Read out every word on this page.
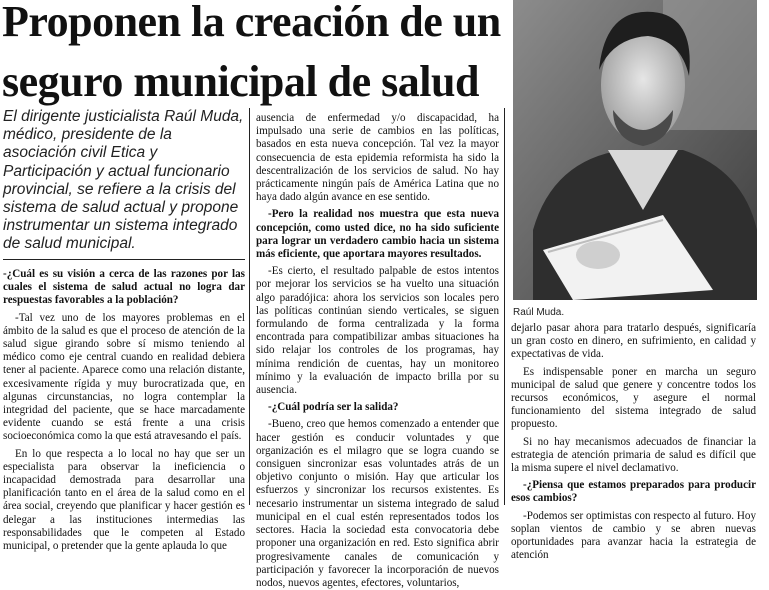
Proponen la creación de un
seguro municipal de salud

El dirigente justicialista Raúl Muda, médico, presidente de la asociación civil Etica y Participación y actual funcionario provincial, se refiere a la crisis del sistema de salud actual y propone instrumentar un sistema integrado de salud municipal.

-¿Cuál es su visión a cerca de las razones por las cuales el sistema de salud actual no logra dar respuestas favorables a la población?

-Tal vez uno de los mayores problemas en el ámbito de la salud es que el proceso de atención de la salud sigue girando sobre sí mismo teniendo al médico como eje central cuando en realidad debiera tener al paciente. Aparece como una relación distante, excesivamente rígida y muy burocratizada que, en algunas circunstancias, no logra contemplar la integridad del paciente, que se hace marcadamente evidente cuando se está frente a una crisis socioeconómica como la que está atravesando el país.

En lo que respecta a lo local no hay que ser un especialista para observar la ineficiencia o incapacidad demostrada para desarrollar una planificación tanto en el área de la salud como en el área social, creyendo que planificar y hacer gestión es delegar a las instituciones intermedias las responsabilidades que le competen al Estado municipal, o pretender que la gente aplauda lo que

ausencia de enfermedad y/o discapacidad, ha impulsado una serie de cambios en las políticas, basados en esta nueva concepción. Tal vez la mayor consecuencia de esta epidemia reformista ha sido la descentralización de los servicios de salud. No hay prácticamente ningún país de América Latina que no haya dado algún avance en ese sentido.

-Pero la realidad nos muestra que esta nueva concepción, como usted dice, no ha sido suficiente para lograr un verdadero cambio hacia un sistema más eficiente, que aportara mayores resultados.

-Es cierto, el resultado palpable de estos intentos por mejorar los servicios se ha vuelto una situación algo paradójica: ahora los servicios son locales pero las políticas continúan siendo verticales, se siguen formulando de forma centralizada y la forma encontrada para compatibilizar ambas situaciones ha sido relajar los controles de los programas, hay mínima rendición de cuentas, hay un monitoreo mínimo y la evaluación de impacto brilla por su ausencia.

-¿Cuál podría ser la salida?

-Bueno, creo que hemos comenzado a entender que hacer gestión es conducir voluntades y que organización es el milagro que se logra cuando se consiguen sincronizar esas voluntades atrás de un objetivo conjunto o misión. Hay que articular los esfuerzos y sincronizar los recursos existentes. Es necesario instrumentar un sistema integrado de salud municipal en el cual estén representados todos los sectores. Hacia la sociedad esta convocatoria debe proponer una organización en red. Esto significa abrir progresivamente canales de comunicación y participación y favorecer la incorporación de nuevos nodos, nuevos agentes, efectores, voluntarios,

dejarlo pasar ahora para tratarlo después, significaría un gran costo en dinero, en sufrimiento, en calidad y expectativas de vida.

Es indispensable poner en marcha un seguro municipal de salud que genere y concentre todos los recursos económicos, y asegure el normal funcionamiento del sistema integrado de salud propuesto.

Si no hay mecanismos adecuados de financiar la estrategia de atención primaria de salud es difícil que la misma supere el nivel declamativo.

-¿Piensa que estamos preparados para producir esos cambios?

-Podemos ser optimistas con respecto al futuro. Hoy soplan vientos de cambio y se abren nuevas oportunidades para avanzar hacia la estrategia de atención

Raúl Muda.
